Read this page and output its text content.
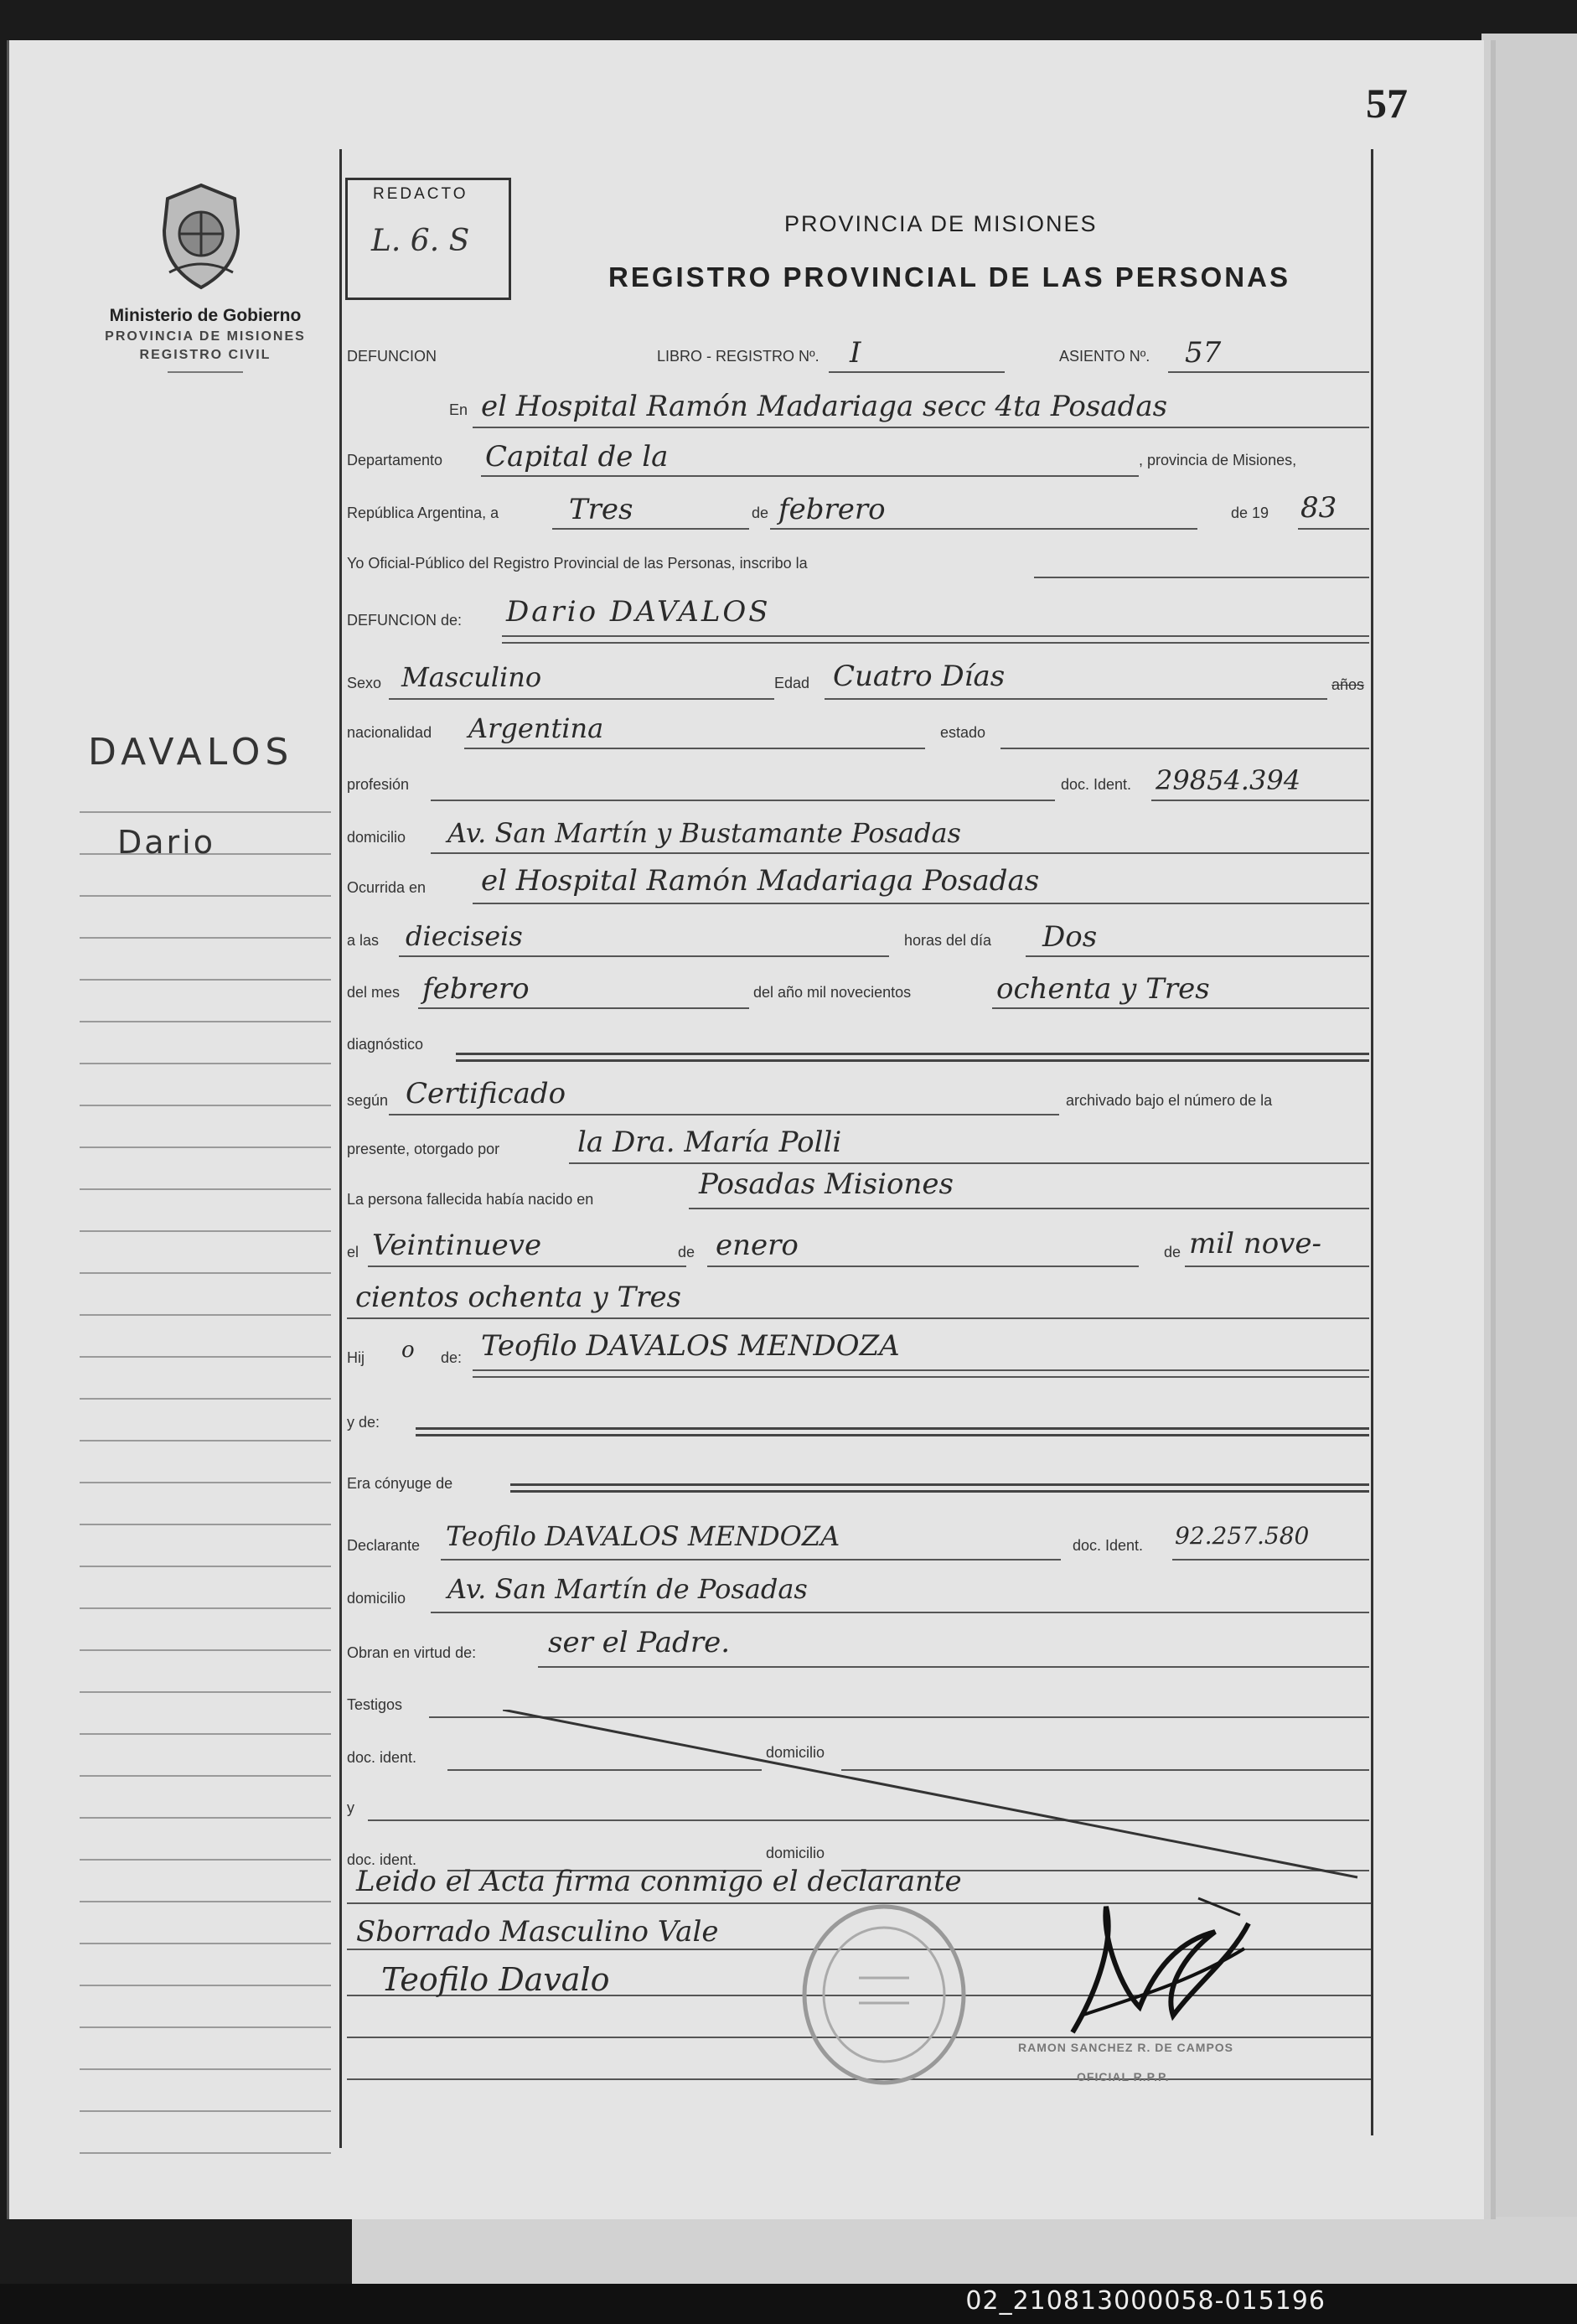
57
Ministerio de Gobierno
PROVINCIA DE MISIONES
REGISTRO CIVIL
DAVALOS
Dario
REDACTO
L. 6. S	PROVINCIA DE MISIONES
REGISTRO PROVINCIAL DE LAS PERSONAS
DEFUNCION	LIBRO - REGISTRO Nº. I	ASIENTO Nº. 57
En el Hospital Ramón Madariaga secc 4ta Posadas
Departamento Capital de la	, provincia de Misiones,
República Argentina, a Tres	de febrero	de 19 83
Yo Oficial-Público del Registro Provincial de las Personas, inscribo la
DEFUNCION de: Dario DAVALOS
Sexo Masculino	Edad Cuatro Días	años
nacionalidad Argentina	estado
profesión	doc. Ident. 29854.394
domicilio Av. San Martín y Bustamante Posadas
Ocurrida en el Hospital Ramón Madariaga Posadas
a las dieciseis	horas del día Dos
del mes febrero	del año mil novecientos	ochenta y Tres
diagnóstico
según Certificado	archivado bajo el número de la
presente, otorgado por	la Dra. María Polli
La persona fallecida había nacido en	Posadas Misiones
el Veintinueve	de enero	de mil nove-
cientos ochenta y Tres
Hij o de: Teofilo DAVALOS MENDOZA
y de:
Era cónyuge de
Declarante Teofilo DAVALOS MENDOZA	doc. Ident. 92.257.580
domicilio Av. San Martín de Posadas
Obran en virtud de:	ser el Padre.
Testigos
doc. ident.	domicilio
y
doc. ident.	domicilio
Leido el Acta firma conmigo el declarante
Sborrado Masculino Vale
Teofilo Davalo
RAMON SANCHEZ R. DE CAMPOS
OFICIAL R.P.P.
02_210813000058-015196
